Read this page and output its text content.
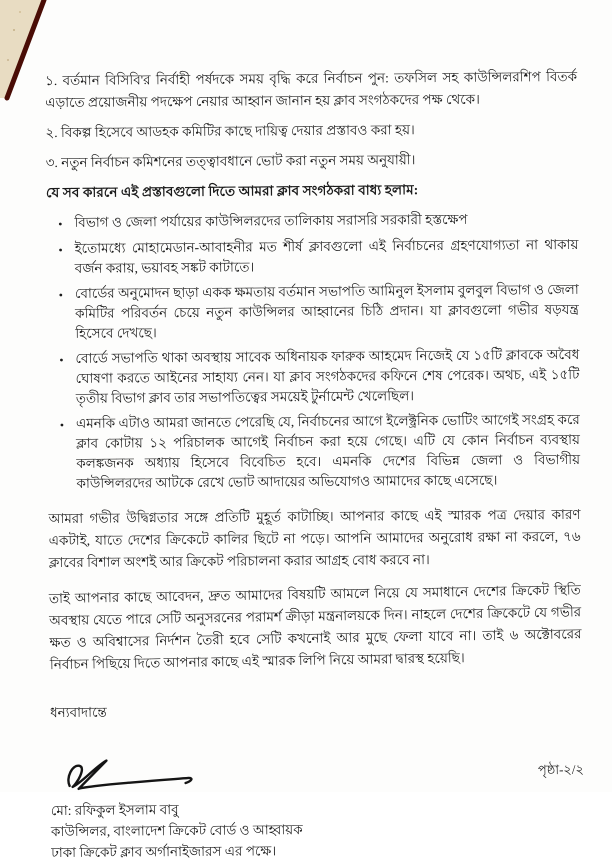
১. বর্তমান বিসিবি'র নির্বাহী পর্ষদকে সময় বৃদ্ধি করে নির্বাচন পুন: তফসিল সহ কাউন্সিলরশিপ বিতর্ক এড়াতে প্রয়োজনীয় পদক্ষেপ নেয়ার আহ্বান জানান হয় ক্লাব সংগঠকদের পক্ষ থেকে।

২. বিকল্প হিসেবে আডহক কমিটির কাছে দায়িত্ব দেয়ার প্রস্তাবও করা হয়।

৩. নতুন নির্বাচন কমিশনের তত্ত্বাবধানে ভোট করা নতুন সময় অনুযায়ী।

যে সব কারনে এই প্রস্তাবগুলো দিতে আমরা ক্লাব সংগঠকরা বাধ্য হলাম:

• বিভাগ ও জেলা পর্যায়ের কাউন্সিলরদের তালিকায় সরাসরি সরকারী হস্তক্ষেপ
• ইতোমধ্যে মোহামেডান-আবাহনীর মত শীর্ষ ক্লাবগুলো এই নির্বাচনের গ্রহণযোগ্যতা না থাকায় বর্জন করায়, ভয়াবহ সঙ্কট কাটাতে।
• বোর্ডের অনুমোদন ছাড়া একক ক্ষমতায় বর্তমান সভাপতি আমিনুল ইসলাম বুলবুল বিভাগ ও জেলা কমিটির পরিবর্তন চেয়ে নতুন কাউন্সিলর আহ্বানের চিঠি প্রদান। যা ক্লাবগুলো গভীর ষড়যন্ত্র হিসেবে দেখছে।
• বোর্ডে সভাপতি থাকা অবস্থায় সাবেক অধিনায়ক ফারুক আহমেদ নিজেই যে ১৫টি ক্লাবকে অবৈধ ঘোষণা করতে আইনের সাহায্য নেন। যা ক্লাব সংগঠকদের কফিনে শেষ পেরেক। অথচ, এই ১৫টি তৃতীয় বিভাগ ক্লাব তার সভাপতিত্বের সময়েই টুর্নামেন্ট খেলেছিল।
• এমনকি এটাও আমরা জানতে পেরেছি যে, নির্বাচনের আগে ইলেক্ট্রনিক ভোটিং আগেই সংগ্রহ করে ক্লাব কোটায় ১২ পরিচালক আগেই নির্বাচন করা হয়ে গেছে। এটি যে কোন নির্বাচন ব্যবস্থায় কলঙ্কজনক অধ্যায় হিসেবে বিবেচিত হবে। এমনকি দেশের বিভিন্ন জেলা ও বিভাগীয় কাউন্সিলরদের আটকে রেখে ভোট আদায়ের অভিযোগও আমাদের কাছে এসেছে।

আমরা গভীর উদ্বিগ্নতার সঙ্গে প্রতিটি মুহূর্ত কাটাচ্ছি। আপনার কাছে এই স্মারক পত্র দেয়ার কারণ একটাই, যাতে দেশের ক্রিকেটে কালির ছিটে না পড়ে। আপনি আমাদের অনুরোধ রক্ষা না করলে, ৭৬ ক্লাবের বিশাল অংশই আর ক্রিকেট পরিচালনা করার আগ্রহ বোধ করবে না।

তাই আপনার কাছে আবেদন, দ্রুত আমাদের বিষয়টি আমলে নিয়ে যে সমাধানে দেশের ক্রিকেট স্থিতি অবস্থায় যেতে পারে সেটি অনুসরনের পরামর্শ ক্রীড়া মন্ত্রনালয়কে দিন। নাহলে দেশের ক্রিকেটে যে গভীর ক্ষত ও অবিশ্বাসের নির্দশন তৈরী হবে সেটি কখনোই আর মুছে ফেলা যাবে না। তাই ৬ অক্টোবরের নির্বাচন পিছিয়ে দিতে আপনার কাছে এই স্মারক লিপি নিয়ে আমরা দ্বারস্থ হয়েছি।

ধন্যবাদান্তে

মো: রফিকুল ইসলাম বাবু

কাউন্সিলর, বাংলাদেশ ক্রিকেট বোর্ড ও আহ্বায়ক

ঢাকা ক্রিকেট ক্লাব অর্গানাইজারস এর পক্ষে।

পৃষ্ঠা-২/২
